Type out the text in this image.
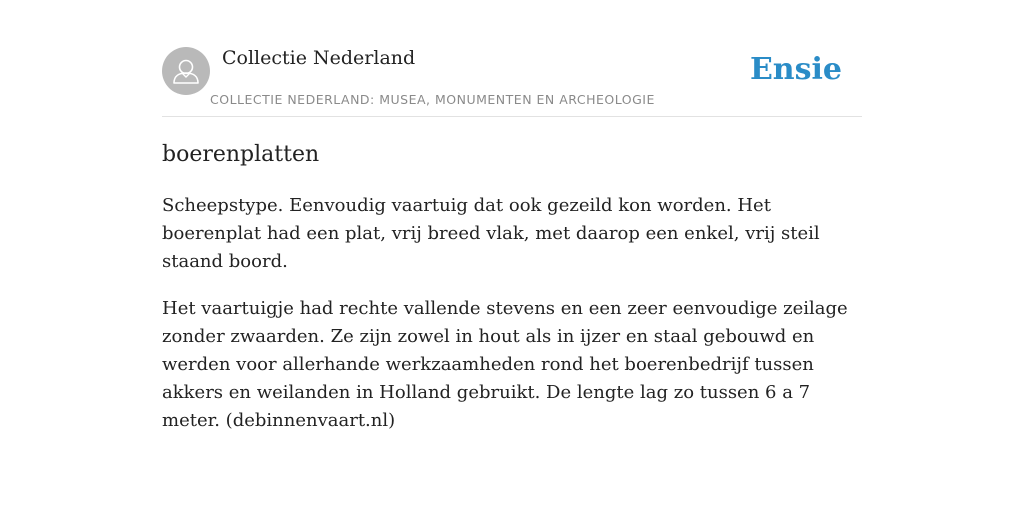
Collectie Nederland
COLLECTIE NEDERLAND: MUSEA, MONUMENTEN EN ARCHEOLOGIE
Ensie
boerenplatten

Scheepstype. Eenvoudig vaartuig dat ook gezeild kon worden. Het boerenplat had een plat, vrij breed vlak, met daarop een enkel, vrij steil staand boord.

Het vaartuigje had rechte vallende stevens en een zeer eenvoudige zeilage zonder zwaarden. Ze zijn zowel in hout als in ijzer en staal gebouwd en werden voor allerhande werkzaamheden rond het boerenbedrijf tussen akkers en weilanden in Holland gebruikt. De lengte lag zo tussen 6 a 7 meter. (debinnenvaart.nl)
